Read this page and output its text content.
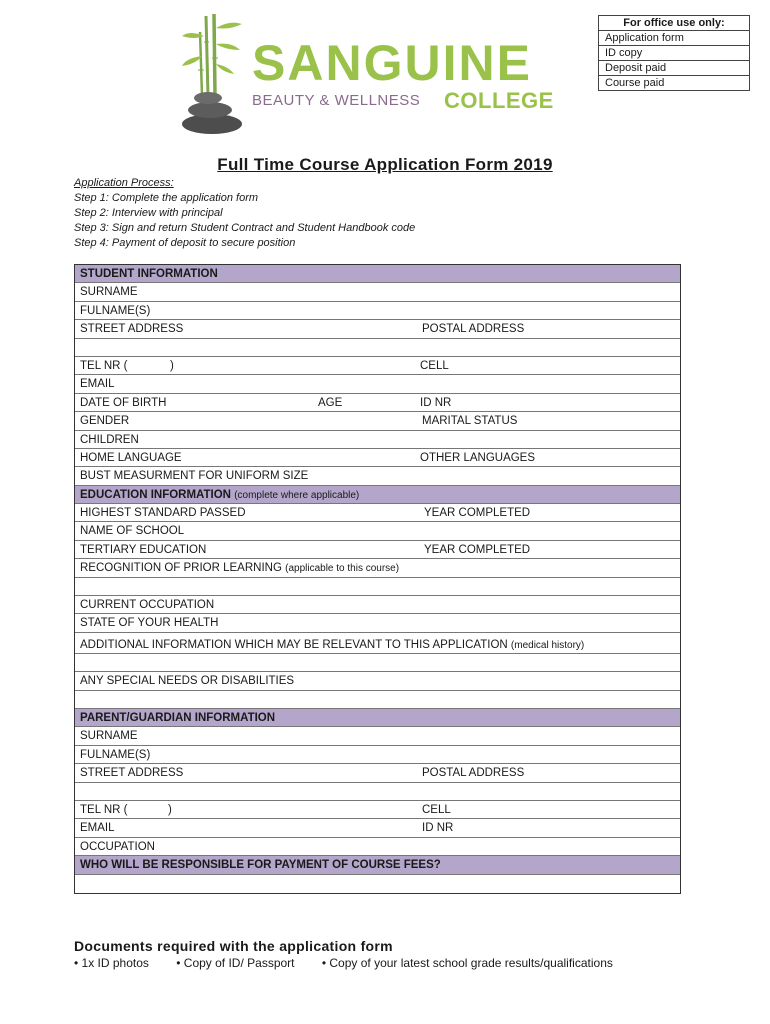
SANGUINE
BEAUTY & WELLNESS COLLEGE
For office use only:
Application form
ID copy
Deposit paid
Course paid
Full Time Course Application Form 2019
Application Process:
Step 1: Complete the application form
Step 2: Interview with principal
Step 3: Sign and return Student Contract and Student Handbook code
Step 4: Payment of deposit to secure position
STUDENT INFORMATION
SURNAME
FULNAME(S)
STREET ADDRESS	POSTAL ADDRESS
TEL NR (	)	CELL
EMAIL
DATE OF BIRTH	AGE	ID NR
GENDER	MARITAL STATUS
CHILDREN
HOME LANGUAGE	OTHER LANGUAGES
BUST MEASURMENT FOR UNIFORM SIZE
EDUCATION INFORMATION (complete where applicable)
HIGHEST STANDARD PASSED	YEAR COMPLETED
NAME OF SCHOOL
TERTIARY EDUCATION	YEAR COMPLETED
RECOGNITION OF PRIOR LEARNING (applicable to this course)
CURRENT OCCUPATION
STATE OF YOUR HEALTH
ADDITIONAL INFORMATION WHICH MAY BE RELEVANT TO THIS APPLICATION (medical history)
ANY SPECIAL NEEDS OR DISABILITIES
PARENT/GUARDIAN INFORMATION
SURNAME
FULNAME(S)
STREET ADDRESS	POSTAL ADDRESS
TEL NR (	)	CELL
EMAIL	ID NR
OCCUPATION
WHO WILL BE RESPONSIBLE FOR PAYMENT OF COURSE FEES?
Documents required with the application form
• 1x ID photos • Copy of ID/ Passport • Copy of your latest school grade results/qualifications
